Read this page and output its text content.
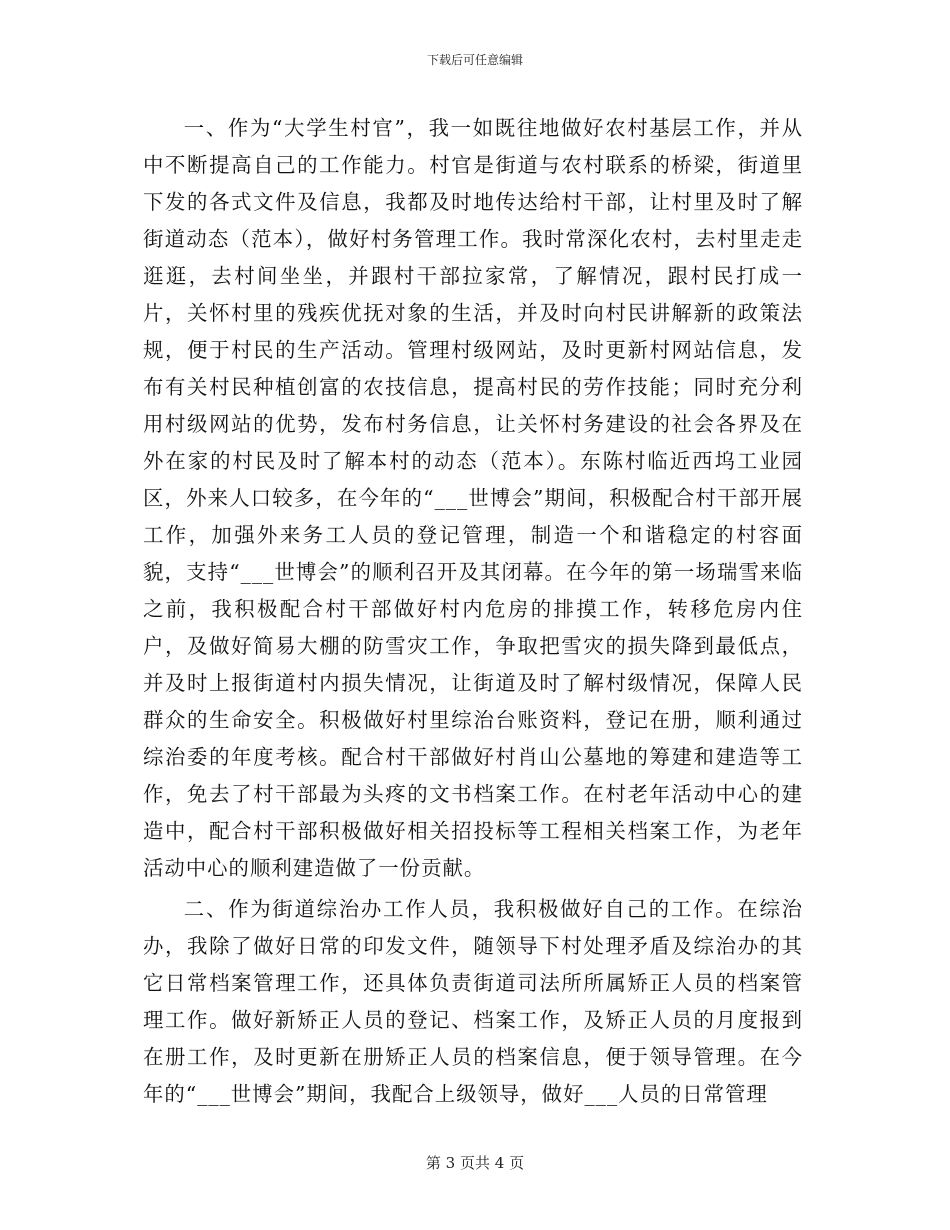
下载后可任意编辑

一、作为“大学生村官”，我一如既往地做好农村基层工作，并从中不断提高自己的工作能力。村官是街道与农村联系的桥梁，街道里下发的各式文件及信息，我都及时地传达给村干部，让村里及时了解街道动态（范本），做好村务管理工作。我时常深化农村，去村里走走逛逛，去村间坐坐，并跟村干部拉家常，了解情况，跟村民打成一片，关怀村里的残疾优抚对象的生活，并及时向村民讲解新的政策法规，便于村民的生产活动。管理村级网站，及时更新村网站信息，发布有关村民种植创富的农技信息，提高村民的劳作技能；同时充分利用村级网站的优势，发布村务信息，让关怀村务建设的社会各界及在外在家的村民及时了解本村的动态（范本）。东陈村临近西坞工业园区，外来人口较多，在今年的“___世博会”期间，积极配合村干部开展工作，加强外来务工人员的登记管理，制造一个和谐稳定的村容面貌，支持“___世博会”的顺利召开及其闭幕。在今年的第一场瑞雪来临之前，我积极配合村干部做好村内危房的排摸工作，转移危房内住户，及做好简易大棚的防雪灾工作，争取把雪灾的损失降到最低点，并及时上报街道村内损失情况，让街道及时了解村级情况，保障人民群众的生命安全。积极做好村里综治台账资料，登记在册，顺利通过综治委的年度考核。配合村干部做好村肖山公墓地的筹建和建造等工作，免去了村干部最为头疼的文书档案工作。在村老年活动中心的建造中，配合村干部积极做好相关招投标等工程相关档案工作，为老年活动中心的顺利建造做了一份贡献。

二、作为街道综治办工作人员，我积极做好自己的工作。在综治办，我除了做好日常的印发文件，随领导下村处理矛盾及综治办的其它日常档案管理工作，还具体负责街道司法所所属矫正人员的档案管理工作。做好新矫正人员的登记、档案工作，及矫正人员的月度报到在册工作，及时更新在册矫正人员的档案信息，便于领导管理。在今年的“___世博会”期间，我配合上级领导，做好___人员的日常管理

第 3 页共 4 页
